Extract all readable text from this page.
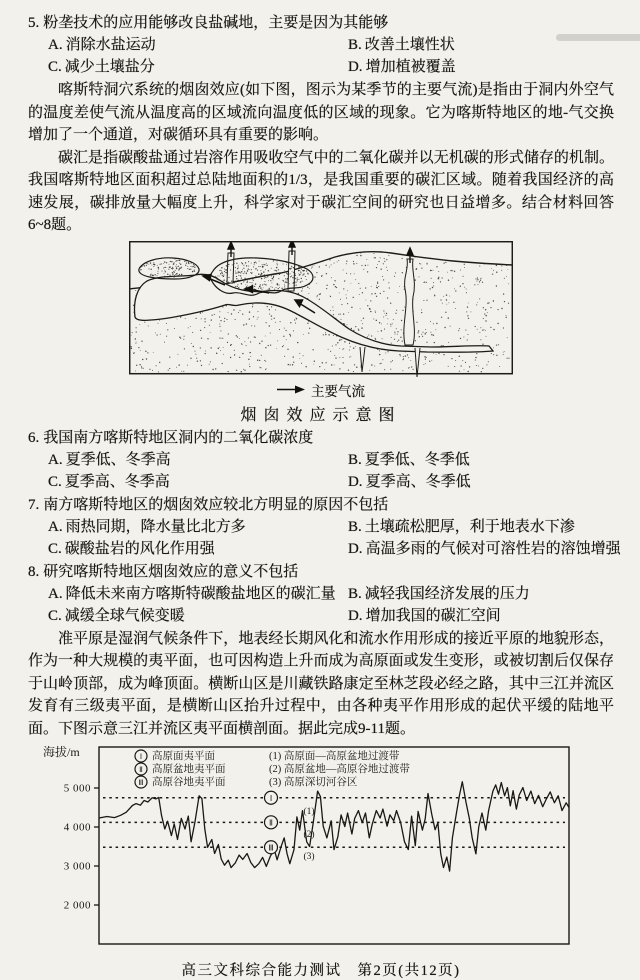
5. 粉垄技术的应用能够改良盐碱地，主要是因为其能够
A. 消除水盐运动	B. 改善土壤性状
C. 减少土壤盐分	D. 增加植被覆盖

喀斯特洞穴系统的烟囱效应(如下图，图示为某季节的主要气流)是指由于洞内外空气的温度差使气流从温度高的区域流向温度低的区域的现象。它为喀斯特地区的地-气交换增加了一个通道，对碳循环具有重要的影响。

碳汇是指碳酸盐通过岩溶作用吸收空气中的二氧化碳并以无机碳的形式储存的机制。我国喀斯特地区面积超过总陆地面积的1/3，是我国重要的碳汇区域。随着我国经济的高速发展，碳排放量大幅度上升，科学家对于碳汇空间的研究也日益增多。结合材料回答6~8题。

主要气流
烟囱效应示意图
6. 我国南方喀斯特地区洞内的二氧化碳浓度
A. 夏季低、冬季高	B. 夏季低、冬季低
C. 夏季高、冬季高	D. 夏季高、冬季低
7. 南方喀斯特地区的烟囱效应较北方明显的原因不包括
A. 雨热同期，降水量比北方多	B. 土壤疏松肥厚，利于地表水下渗
C. 碳酸盐岩的风化作用强	D. 高温多雨的气候对可溶性岩的溶蚀增强
8. 研究喀斯特地区烟囱效应的意义不包括
A. 降低未来南方喀斯特碳酸盐地区的碳汇量 B. 减轻我国经济发展的压力
C. 减缓全球气候变暖	D. 增加我国的碳汇空间

准平原是湿润气候条件下，地表经长期风化和流水作用形成的接近平原的地貌形态，作为一种大规模的夷平面，也可因构造上升而成为高原面或发生变形，或被切割后仅保存于山岭顶部，成为峰顶面。横断山区是川藏铁路康定至林芝段必经之路，其中三江并流区发育有三级夷平面，是横断山区抬升过程中，由各种夷平作用形成的起伏平缓的陆地平面。下图示意三江并流区夷平面横剖面。据此完成9-11题。

海拔/m
5 000
4 000
3 000
2 000
Ⅰ
Ⅱ
Ⅲ
(1)
(2)
(3)
Ⅰ 高原面夷平面
Ⅱ 高原盆地夷平面
Ⅲ 高原谷地夷平面
(1) 高原面—高原盆地过渡带
(2) 高原盆地—高原谷地过渡带
(3) 高原深切河谷区
高三文科综合能力测试　第2页(共12页)
